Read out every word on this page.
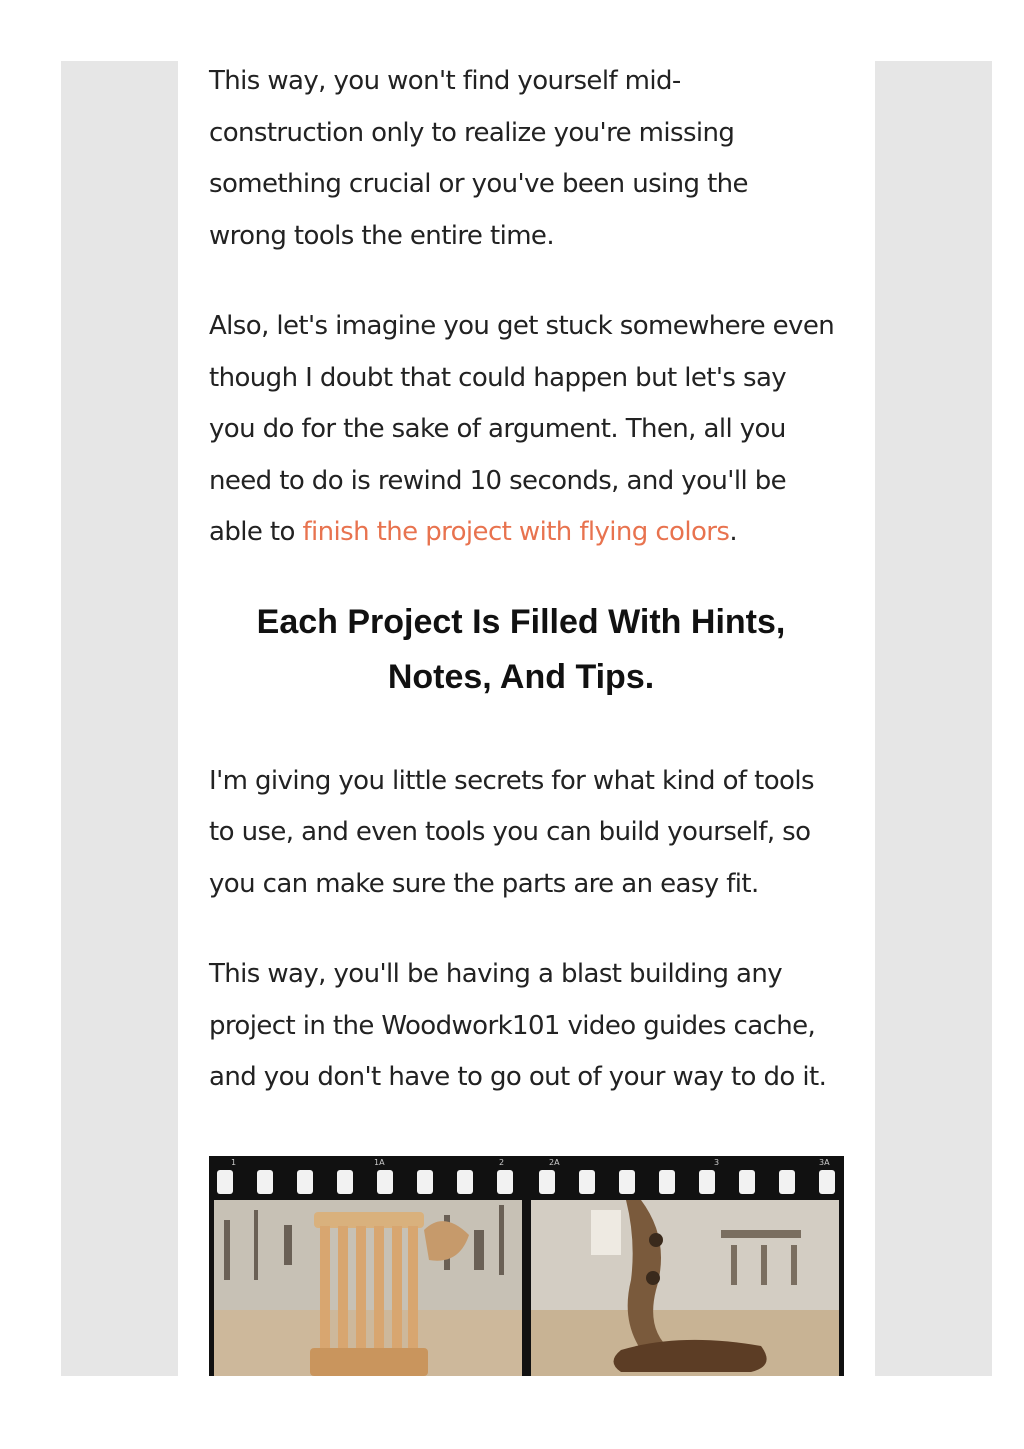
This way, you won't find yourself mid-
construction only to realize you're missing
something crucial or you've been using the
wrong tools the entire time.

Also, let's imagine you get stuck somewhere even
though I doubt that could happen but let's say
you do for the sake of argument. Then, all you
need to do is rewind 10 seconds, and you'll be
able to finish the project with flying colors.

Each Project Is Filled With Hints,
Notes, And Tips.

I'm giving you little secrets for what kind of tools
to use, and even tools you can build yourself, so
you can make sure the parts are an easy fit.

This way, you'll be having a blast building any
project in the Woodwork101 video guides cache,
and you don't have to go out of your way to do it.

1	1A	2	2A	3	3A
